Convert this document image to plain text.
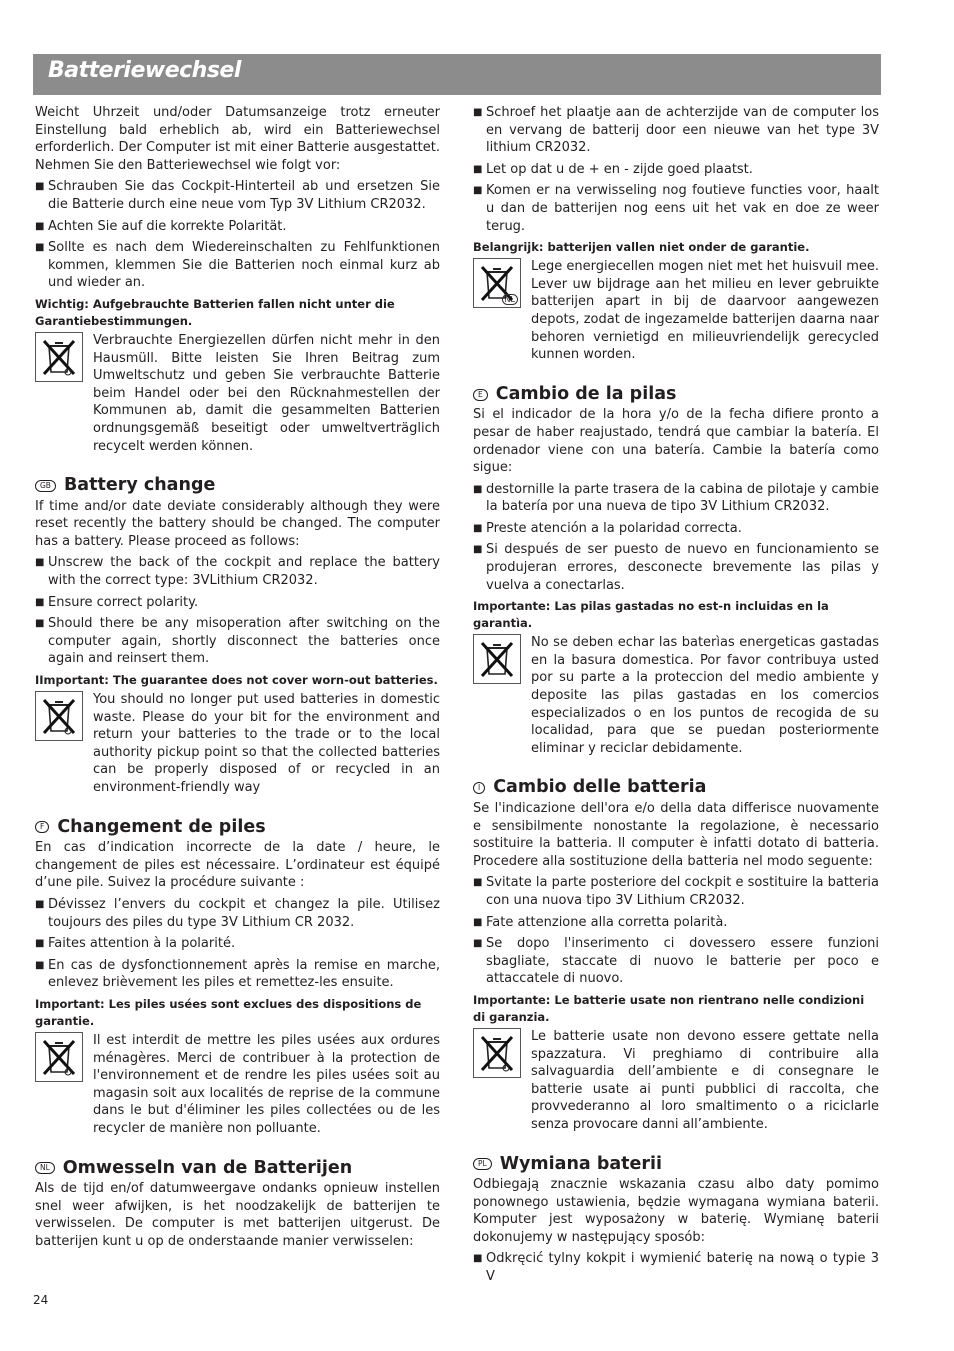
Batteriewechsel

Weicht Uhrzeit und/oder Datumsanzeige trotz erneuter Einstellung bald erheblich ab, wird ein Batteriewechsel erforderlich. Der Computer ist mit einer Batterie ausgestattet. Nehmen Sie den Batteriewechsel wie folgt vor:

■ Schrauben Sie das Cockpit-Hinterteil ab und ersetzen Sie die Batterie durch eine neue vom Typ 3V Lithium CR2032.
■ Achten Sie auf die korrekte Polarität.
■ Sollte es nach dem Wiedereinschalten zu Fehlfunktionen kommen, klemmen Sie die Batterien noch einmal kurz ab und wieder an.
Wichtig: Aufgebrauchte Batterien fallen nicht unter die Garantiebestimmungen.

Verbrauchte Energiezellen dürfen nicht mehr in den Hausmüll. Bitte leisten Sie Ihren Beitrag zum Umweltschutz und geben Sie verbrauchte Batterie beim Handel oder bei den Rücknahmestellen der Kommunen ab, damit die gesammelten Batterien ordnungsgemäß beseitigt oder umweltverträglich recycelt werden können.

GB Battery change

If time and/or date deviate considerably although they were reset recently the battery should be changed. The computer has a battery. Please proceed as follows:

■ Unscrew the back of the cockpit and replace the battery with the correct type: 3VLithium CR2032.
■ Ensure correct polarity.
■ Should there be any misoperation after switching on the computer again, shortly disconnect the batteries once again and reinsert them.
IImportant: The guarantee does not cover worn-out batteries.

You should no longer put used batteries in domestic waste. Please do your bit for the environment and return your batteries to the trade or to the local authority pickup point so that the collected batteries can be properly disposed of or recycled in an environment-friendly way

F Changement de piles

En cas d’indication incorrecte de la date / heure, le changement de piles est nécessaire. L’ordinateur est équipé d’une pile. Suivez la procédure suivante :

■ Dévissez l’envers du cockpit et changez la pile. Utilisez toujours des piles du type 3V Lithium CR 2032.
■ Faites attention à la polarité.
■ En cas de dysfonctionnement après la remise en marche, enlevez brièvement les piles et remettez-les ensuite.
Important: Les piles usées sont exclues des dispositions de garantie.

Il est interdit de mettre les piles usées aux ordures ménagères. Merci de contribuer à la protection de l'environnement et de rendre les piles usées soit au magasin soit aux localités de reprise de la commune dans le but d'éliminer les piles collectées ou de les recycler de manière non polluante.

NL Omwesseln van de Batterijen

Als de tijd en/of datumweergave ondanks opnieuw instellen snel weer afwijken, is het noodzakelijk de batterijen te verwisselen. De computer is met batterijen uitgerust. De batterijen kunt u op de onderstaande manier verwisselen:

■ Schroef het plaatje aan de achterzijde van de computer los en vervang de batterij door een nieuwe van het type 3V lithium CR2032.
■ Let op dat u de + en - zijde goed plaatst.
■ Komen er na verwisseling nog foutieve functies voor, haalt u dan de batterijen nog eens uit het vak en doe ze weer terug.
Belangrijk: batterijen vallen niet onder de garantie.
NL

Lege energiecellen mogen niet met het huisvuil mee. Lever uw bijdrage aan het milieu en lever gebruikte batterijen apart in bij de daarvoor aangewezen depots, zodat de ingezamelde batterijen daarna naar behoren vernietigd en milieuvriendelijk gerecycled kunnen worden.

E Cambio de la pilas

Si el indicador de la hora y/o de la fecha difiere pronto a pesar de haber reajustado, tendrá que cambiar la batería. El ordenador viene con una batería. Cambie la batería como sigue:

■ destornille la parte trasera de la cabina de pilotaje y cambie la batería por una nueva de tipo 3V Lithium CR2032.
■ Preste atención a la polaridad correcta.
■ Si después de ser puesto de nuevo en funcionamiento se produjeran errores, desconecte brevemente las pilas y vuelva a conectarlas.
Importante: Las pilas gastadas no est-n incluidas en la garantìa.

No se deben echar las baterìas energeticas gastadas en la basura domestica. Por favor contribuya usted por su parte a la proteccion del medio ambiente y deposite las pilas gastadas en los comercios especializados o en los puntos de recogida de su localidad, para que se puedan posteriormente eliminar y reciclar debidamente.

I Cambio delle batteria

Se l'indicazione dell'ora e/o della data differisce nuovamente e sensibilmente nonostante la regolazione, è necessario sostituire la batteria. Il computer è infatti dotato di batteria. Procedere alla sostituzione della batteria nel modo seguente:

■ Svitate la parte posteriore del cockpit e sostituire la batteria con una nuova tipo 3V Lithium CR2032.
■ Fate attenzione alla corretta polarità.
■ Se dopo l'inserimento ci dovessero essere funzioni sbagliate, staccate di nuovo le batterie per poco e attaccatele di nuovo.
Importante: Le batterie usate non rientrano nelle condizioni di garanzia.

Le batterie usate non devono essere gettate nella spazzatura. Vi preghiamo di contribuire alla salvaguardia dell’ambiente e di consegnare le batterie usate ai punti pubblici di raccolta, che provvederanno al loro smaltimento o a riciclarle senza provocare danni all’ambiente.

PL Wymiana baterii

Odbiegają znacznie wskazania czasu albo daty pomimo ponownego ustawienia, będzie wymagana wymiana baterii. Komputer jest wyposażony w baterię. Wymianę baterii dokonujemy w następujący sposób:

■ Odkręcić tylny kokpit i wymienić baterię na nową o typie 3 V
24
